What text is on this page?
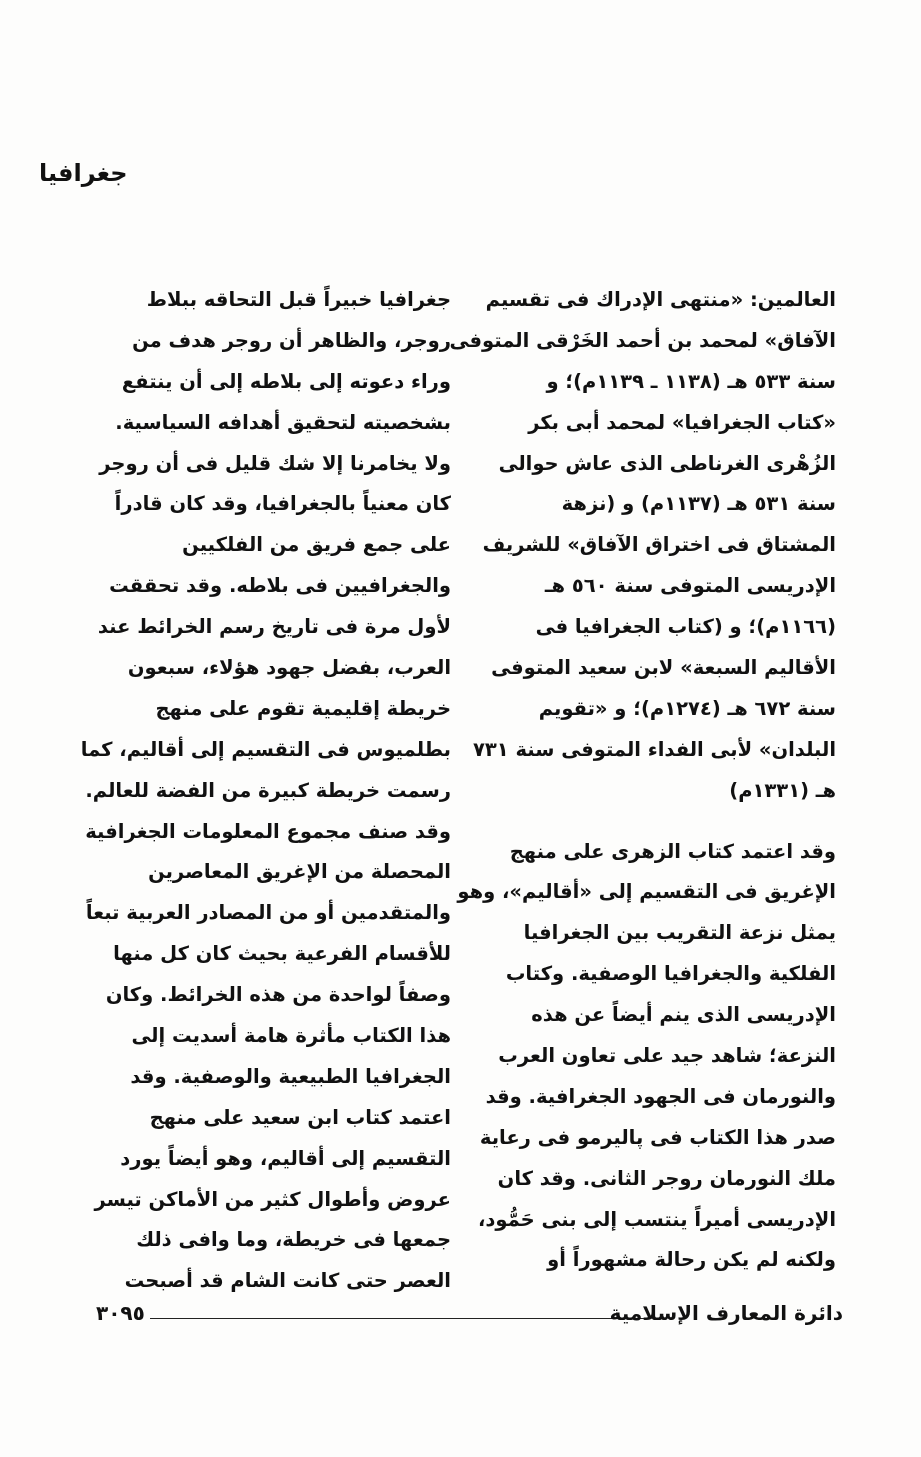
جغرافيا
العالمين: «منتهى الإدراك فى تقسيم
الآفاق» لمحمد بن أحمد الخَرْقى المتوفى
سنة ٥٣٣ هـ (١١٣٨ ـ ١١٣٩م)؛ و
«كتاب الجغرافيا» لمحمد أبى بكر
الزُهْرى الغرناطى الذى عاش حوالى
سنة ٥٣١ هـ (١١٣٧م) و (نزهة
المشتاق فى اختراق الآفاق» للشريف
الإدريسى المتوفى سنة ٥٦٠ هـ
(١١٦٦م)؛ و (كتاب الجغرافيا فى
الأقاليم السبعة» لابن سعيد المتوفى
سنة ٦٧٢ هـ (١٢٧٤م)؛ و «تقويم
البلدان» لأبى الفداء المتوفى سنة ٧٣١
هـ (١٣٣١م)
وقد اعتمد كتاب الزهرى على منهج
الإغريق فى التقسيم إلى «أقاليم»، وهو
يمثل نزعة التقريب بين الجغرافيا
الفلكية والجغرافيا الوصفية. وكتاب
الإدريسى الذى ينم أيضاً عن هذه
النزعة؛ شاهد جيد على تعاون العرب
والنورمان فى الجهود الجغرافية. وقد
صدر هذا الكتاب فى پاليرمو فى رعاية
ملك النورمان روجر الثانى. وقد كان
الإدريسى أميراً ينتسب إلى بنى حَمُّود،
ولكنه لم يكن رحالة مشهوراً أو
جغرافيا خبيراً قبل التحاقه ببلاط
روجر، والظاهر أن روجر هدف من
وراء دعوته إلى بلاطه إلى أن ينتفع
بشخصيته لتحقيق أهدافه السياسية.
ولا يخامرنا إلا شك قليل فى أن روجر
كان معنياً بالجغرافيا، وقد كان قادراً
على جمع فريق من الفلكيين
والجغرافيين فى بلاطه. وقد تحققت
لأول مرة فى تاريخ رسم الخرائط عند
العرب، بفضل جهود هؤلاء، سبعون
خريطة إقليمية تقوم على منهج
بطلميوس فى التقسيم إلى أقاليم، كما
رسمت خريطة كبيرة من الفضة للعالم.
وقد صنف مجموع المعلومات الجغرافية
المحصلة من الإغريق المعاصرين
والمتقدمين أو من المصادر العربية تبعاً
للأقسام الفرعية بحيث كان كل منها
وصفاً لواحدة من هذه الخرائط. وكان
هذا الكتاب مأثرة هامة أسديت إلى
الجغرافيا الطبيعية والوصفية. وقد
اعتمد كتاب ابن سعيد على منهج
التقسيم إلى أقاليم، وهو أيضاً يورد
عروض وأطوال كثير من الأماكن تيسر
جمعها فى خريطة، وما وافى ذلك
العصر حتى كانت الشام قد أصبحت
٣٠٩٥	دائرة المعارف الإسلامية
